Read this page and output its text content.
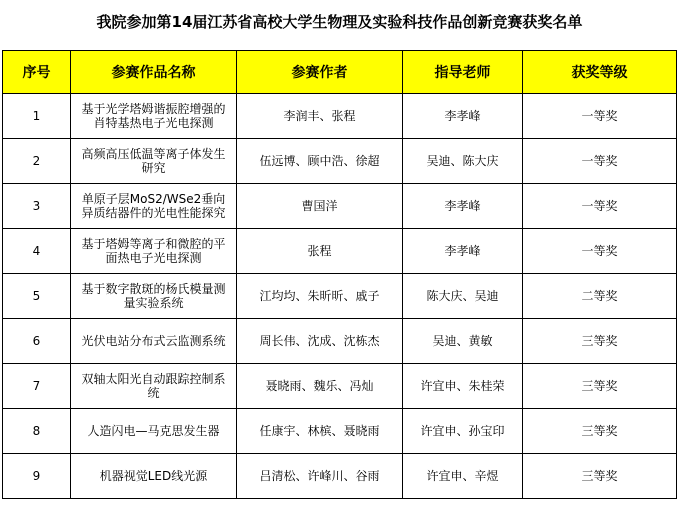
我院参加第14届江苏省高校大学生物理及实验科技作品创新竞赛获奖名单
序号	参赛作品名称	参赛作者	指导老师	获奖等级
1	基于光学塔姆谐振腔增强的肖特基热电子光电探测	李润丰、张程	李孝峰	一等奖
2	高频高压低温等离子体发生研究	伍远博、顾中浩、徐超	吴迪、陈大庆	一等奖
3	单原子层MoS2/WSe2垂向异质结器件的光电性能探究	曹国洋	李孝峰	一等奖
4	基于塔姆等离子和微腔的平面热电子光电探测	张程	李孝峰	一等奖
5	基于数字散斑的杨氏模量测量实验系统	江均均、朱昕昕、戚子	陈大庆、吴迪	二等奖
6	光伏电站分布式云监测系统	周长伟、沈成、沈栋杰	吴迪、黄敏	三等奖
7	双轴太阳光自动跟踪控制系统	聂晓雨、魏乐、冯灿	许宜申、朱桂荣	三等奖
8	人造闪电—马克思发生器	任康宇、林槟、聂晓雨	许宜申、孙宝印	三等奖
9	机器视觉LED线光源	吕清松、许峰川、谷雨	许宜申、辛煜	三等奖
